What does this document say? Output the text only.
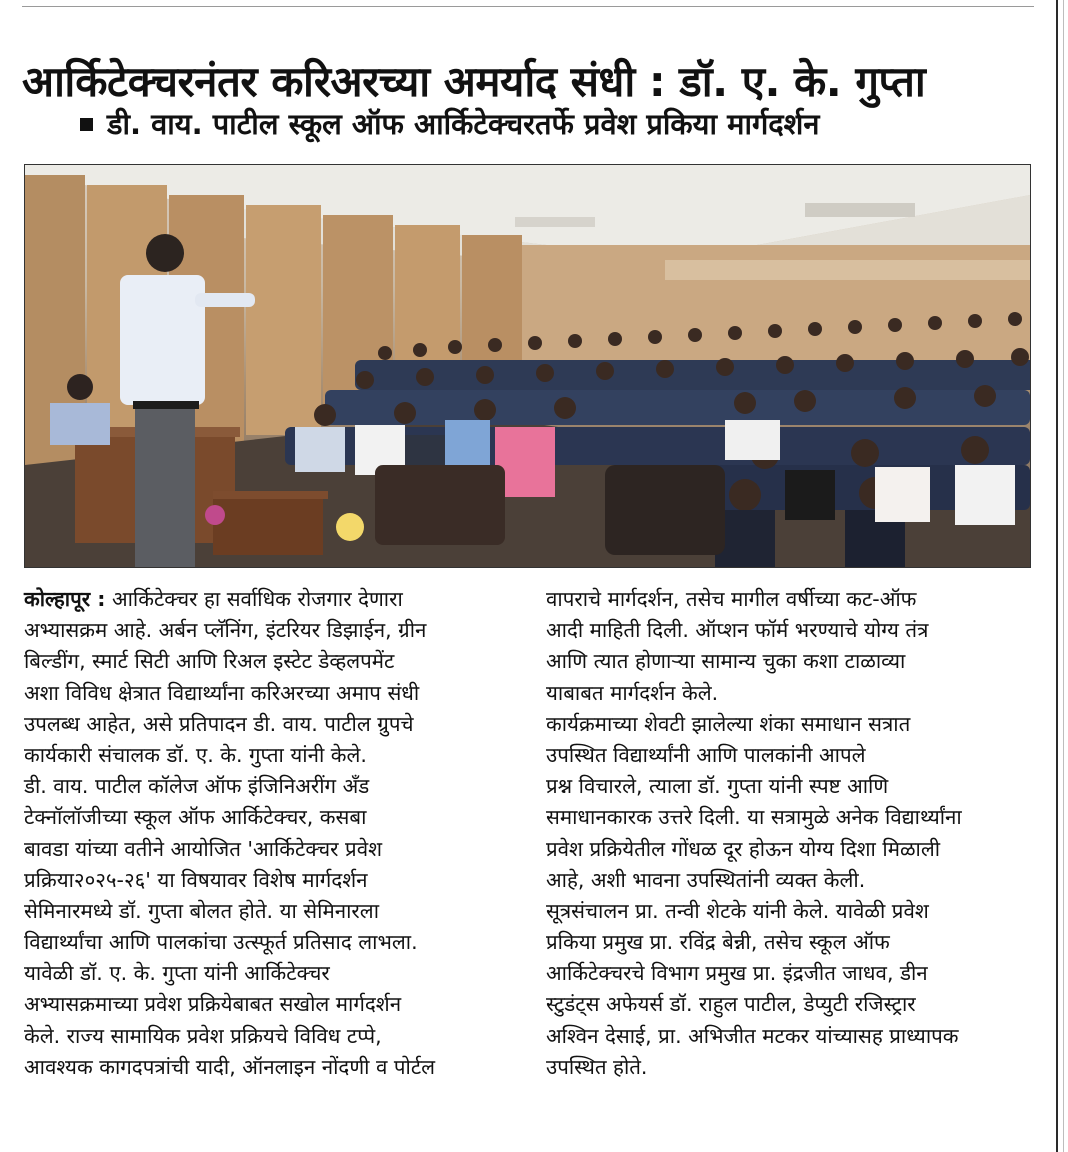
आर्किटेक्चरनंतर करिअरच्या अमर्याद संधी : डॉ. ए. के. गुप्ता
डी. वाय. पाटील स्कूल ऑफ आर्किटेक्चरतर्फे प्रवेश प्रकिया मार्गदर्शन
कोल्हापूर : आर्किटेक्चर हा सर्वाधिक रोजगार देणारा
अभ्यासक्रम आहे. अर्बन प्लॅनिंग, इंटरियर डिझाईन, ग्रीन
बिल्डींग, स्मार्ट सिटी आणि रिअल इस्टेट डेव्हलपमेंट
अशा विविध क्षेत्रात विद्यार्थ्यांना करिअरच्या अमाप संधी
उपलब्ध आहेत, असे प्रतिपादन डी. वाय. पाटील ग्रुपचे
कार्यकारी संचालक डॉ. ए. के. गुप्ता यांनी केले.
डी. वाय. पाटील कॉलेज ऑफ इंजिनिअरींग अँड
टेक्नॉलॉजीच्या स्कूल ऑफ आर्किटेक्चर, कसबा
बावडा यांच्या वतीने आयोजित 'आर्किटेक्चर प्रवेश
प्रक्रिया२०२५-२६' या विषयावर विशेष मार्गदर्शन
सेमिनारमध्ये डॉ. गुप्ता बोलत होते. या सेमिनारला
विद्यार्थ्यांचा आणि पालकांचा उत्स्फूर्त प्रतिसाद लाभला.
यावेळी डॉ. ए. के. गुप्ता यांनी आर्किटेक्चर
अभ्यासक्रमाच्या प्रवेश प्रक्रियेबाबत सखोल मार्गदर्शन
केले. राज्य सामायिक प्रवेश प्रक्रियचे विविध टप्पे,
आवश्यक कागदपत्रांची यादी, ऑनलाइन नोंदणी व पोर्टल
वापराचे मार्गदर्शन, तसेच मागील वर्षीच्या कट-ऑफ
आदी माहिती दिली. ऑप्शन फॉर्म भरण्याचे योग्य तंत्र
आणि त्यात होणाऱ्या सामान्य चुका कशा टाळाव्या
याबाबत मार्गदर्शन केले.
कार्यक्रमाच्या शेवटी झालेल्या शंका समाधान सत्रात
उपस्थित विद्यार्थ्यांनी आणि पालकांनी आपले
प्रश्न विचारले, त्याला डॉ. गुप्ता यांनी स्पष्ट आणि
समाधानकारक उत्तरे दिली. या सत्रामुळे अनेक विद्यार्थ्यांना
प्रवेश प्रक्रियेतील गोंधळ दूर होऊन योग्य दिशा मिळाली
आहे, अशी भावना उपस्थितांनी व्यक्त केली.
सूत्रसंचालन प्रा. तन्वी शेटके यांनी केले. यावेळी प्रवेश
प्रकिया प्रमुख प्रा. रविंद्र बेन्नी, तसेच स्कूल ऑफ
आर्किटेक्चरचे विभाग प्रमुख प्रा. इंद्रजीत जाधव, डीन
स्टुडंट्स अफेयर्स डॉ. राहुल पाटील, डेप्युटी रजिस्ट्रार
अश्विन देसाई, प्रा. अभिजीत मटकर यांच्यासह प्राध्यापक
उपस्थित होते.
